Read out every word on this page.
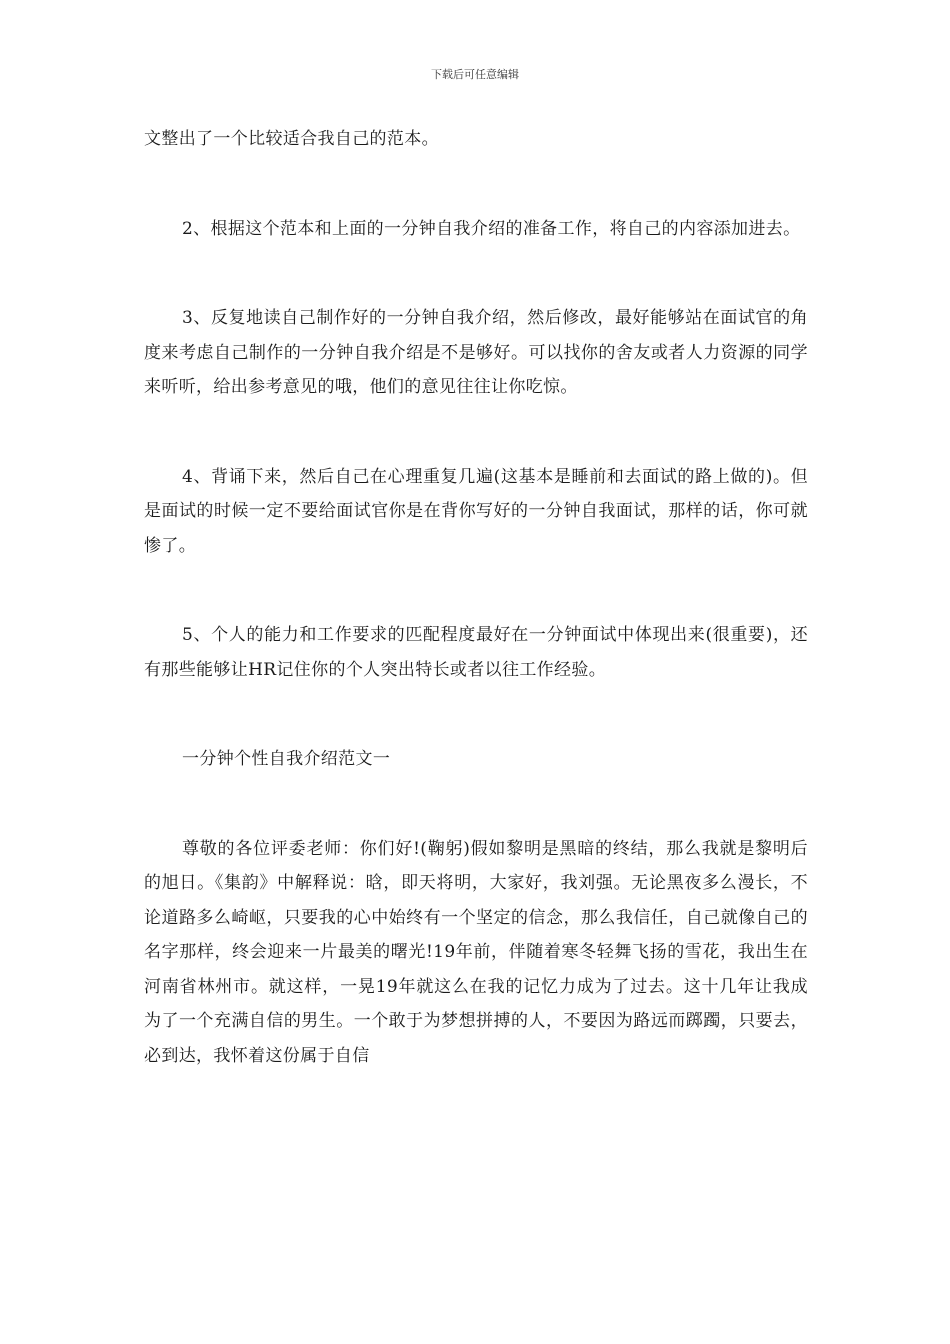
下载后可任意编辑

文整出了一个比较适合我自己的范本。

2、根据这个范本和上面的一分钟自我介绍的准备工作，将自己的内容添加进去。

3、反复地读自己制作好的一分钟自我介绍，然后修改，最好能够站在面试官的角度来考虑自己制作的一分钟自我介绍是不是够好。可以找你的舍友或者人力资源的同学来听听，给出参考意见的哦，他们的意见往往让你吃惊。

4、背诵下来，然后自己在心理重复几遍(这基本是睡前和去面试的路上做的)。但是面试的时候一定不要给面试官你是在背你写好的一分钟自我面试，那样的话，你可就惨了。

5、个人的能力和工作要求的匹配程度最好在一分钟面试中体现出来(很重要)，还有那些能够让HR记住你的个人突出特长或者以往工作经验。

一分钟个性自我介绍范文一

尊敬的各位评委老师：你们好!(鞠躬)假如黎明是黑暗的终结，那么我就是黎明后的旭日。《集韵》中解释说：晗，即天将明，大家好，我刘强。无论黑夜多么漫长，不论道路多么崎岖，只要我的心中始终有一个坚定的信念，那么我信任，自己就像自己的名字那样，终会迎来一片最美的曙光!19年前，伴随着寒冬轻舞飞扬的雪花，我出生在河南省林州市。就这样，一晃19年就这么在我的记忆力成为了过去。这十几年让我成为了一个充满自信的男生。一个敢于为梦想拼搏的人，不要因为路远而踯躅，只要去，必到达，我怀着这份属于自信
